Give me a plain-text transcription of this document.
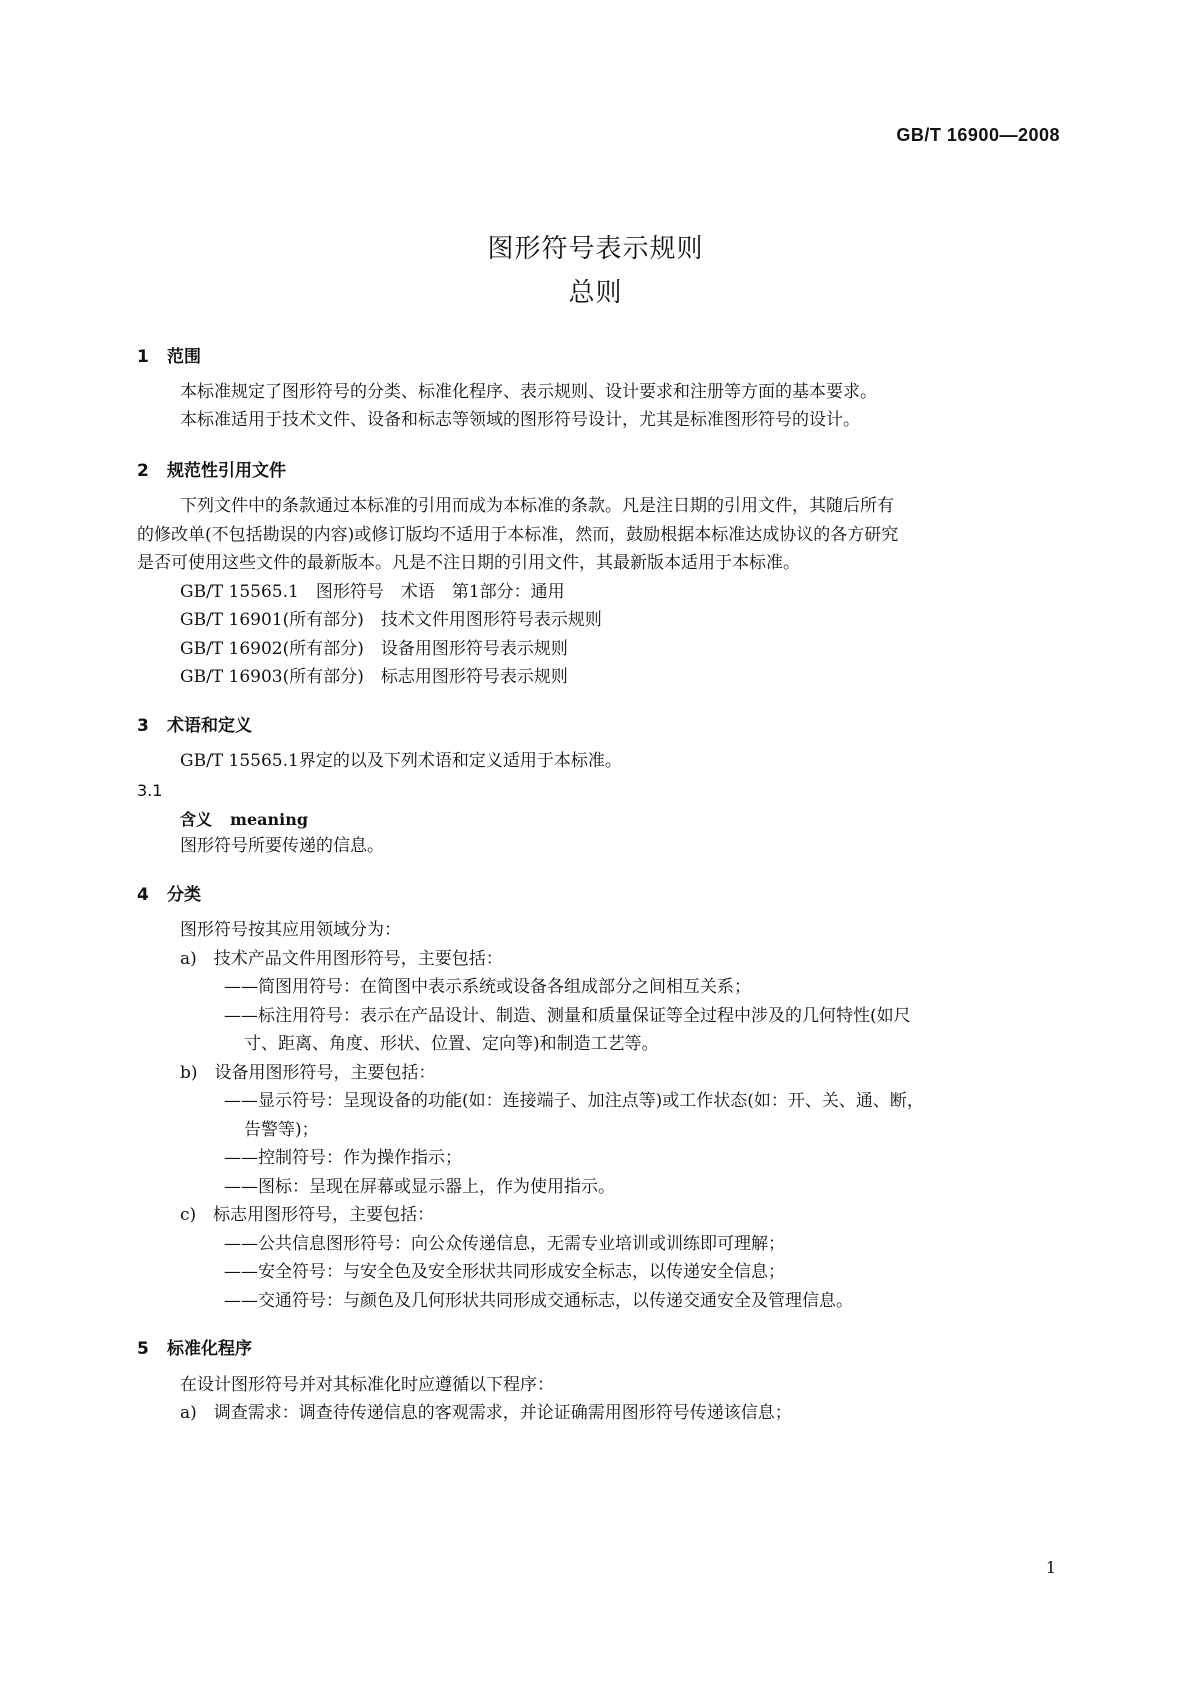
GB/T 16900—2008
图形符号表示规则
总则
1 范围
本标准规定了图形符号的分类、标准化程序、表示规则、设计要求和注册等方面的基本要求。
本标准适用于技术文件、设备和标志等领域的图形符号设计，尤其是标准图形符号的设计。
2 规范性引用文件
下列文件中的条款通过本标准的引用而成为本标准的条款。凡是注日期的引用文件，其随后所有
的修改单(不包括勘误的内容)或修订版均不适用于本标准，然而，鼓励根据本标准达成协议的各方研究
是否可使用这些文件的最新版本。凡是不注日期的引用文件，其最新版本适用于本标准。
GB/T 15565.1　图形符号　术语　第1部分：通用
GB/T 16901(所有部分)　技术文件用图形符号表示规则
GB/T 16902(所有部分)　设备用图形符号表示规则
GB/T 16903(所有部分)　标志用图形符号表示规则
3 术语和定义
GB/T 15565.1界定的以及下列术语和定义适用于本标准。
3.1
含义 meaning
图形符号所要传递的信息。
4 分类
图形符号按其应用领域分为：
a)　技术产品文件用图形符号，主要包括：
——简图用符号：在简图中表示系统或设备各组成部分之间相互关系；
——标注用符号：表示在产品设计、制造、测量和质量保证等全过程中涉及的几何特性(如尺
寸、距离、角度、形状、位置、定向等)和制造工艺等。
b)　设备用图形符号，主要包括：
——显示符号：呈现设备的功能(如：连接端子、加注点等)或工作状态(如：开、关、通、断，
告警等)；
——控制符号：作为操作指示；
——图标：呈现在屏幕或显示器上，作为使用指示。
c)　标志用图形符号，主要包括：
——公共信息图形符号：向公众传递信息，无需专业培训或训练即可理解；
——安全符号：与安全色及安全形状共同形成安全标志，以传递安全信息；
——交通符号：与颜色及几何形状共同形成交通标志，以传递交通安全及管理信息。
5 标准化程序
在设计图形符号并对其标准化时应遵循以下程序：
a)　调查需求：调查待传递信息的客观需求，并论证确需用图形符号传递该信息；
1
